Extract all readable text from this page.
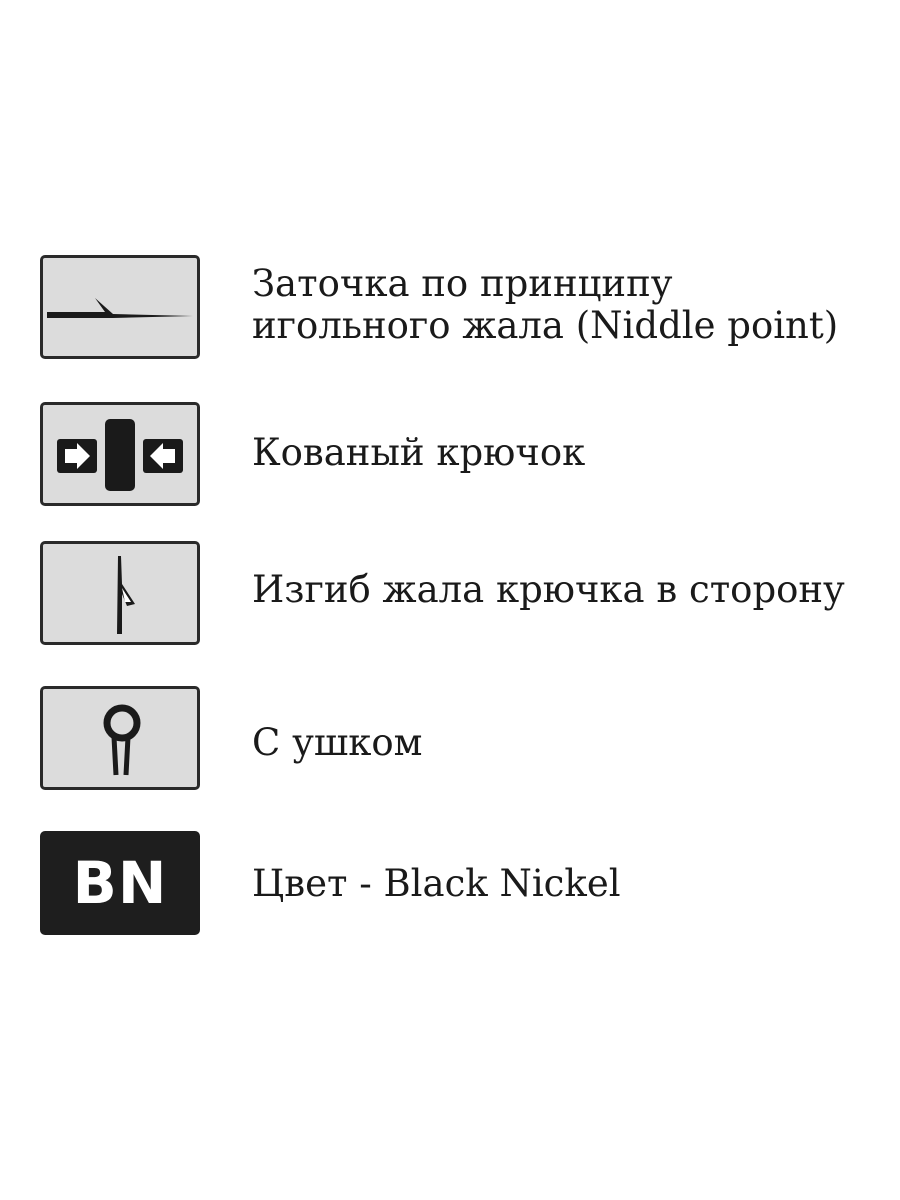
Заточка по принципу
игольного жала (Niddle point)
Кованый крючок
Изгиб жала крючка в сторону
С ушком
BN Цвет - Black Nickel
